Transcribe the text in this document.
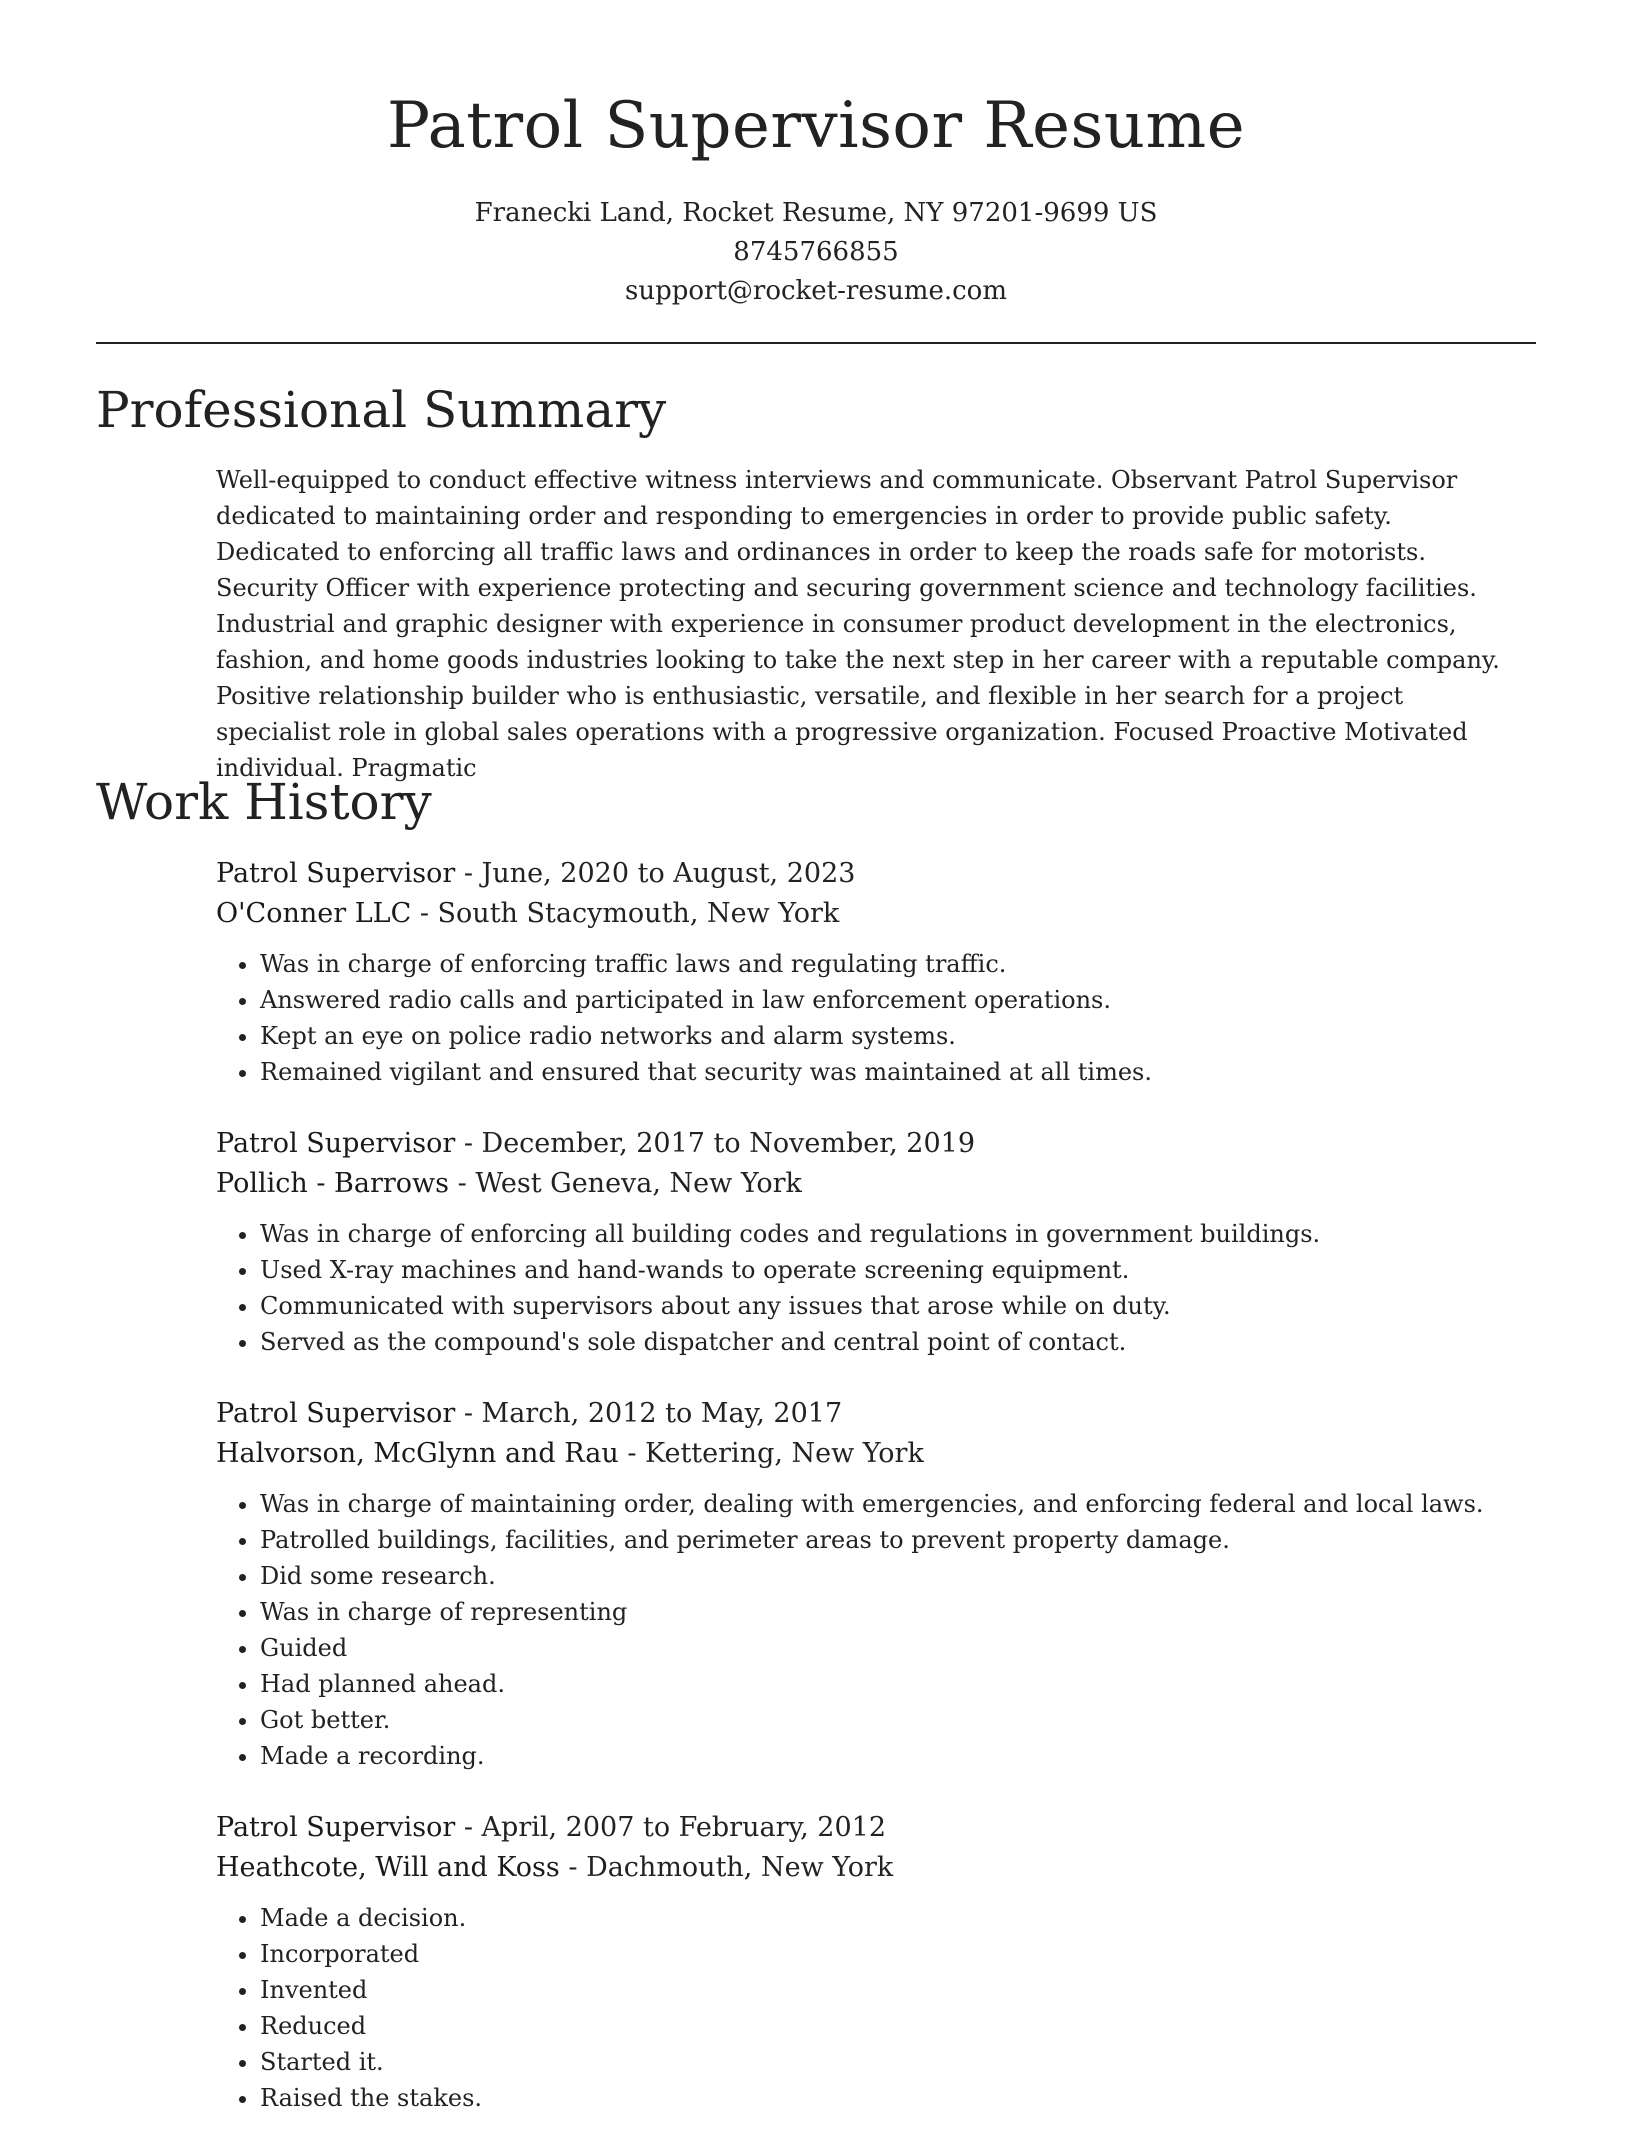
Patrol Supervisor Resume
Franecki Land, Rocket Resume, NY 97201-9699 US
8745766855
support@rocket-resume.com
Professional Summary

Well-equipped to conduct effective witness interviews and communicate. Observant Patrol Supervisor dedicated to maintaining order and responding to emergencies in order to provide public safety. Dedicated to enforcing all traffic laws and ordinances in order to keep the roads safe for motorists. Security Officer with experience protecting and securing government science and technology facilities. Industrial and graphic designer with experience in consumer product development in the electronics, fashion, and home goods industries looking to take the next step in her career with a reputable company. Positive relationship builder who is enthusiastic, versatile, and flexible in her search for a project specialist role in global sales operations with a progressive organization. Focused Proactive Motivated individual. Pragmatic

Work History
Patrol Supervisor - June, 2020 to August, 2023
O'Conner LLC - South Stacymouth, New York
• Was in charge of enforcing traffic laws and regulating traffic.
• Answered radio calls and participated in law enforcement operations.
• Kept an eye on police radio networks and alarm systems.
• Remained vigilant and ensured that security was maintained at all times.
Patrol Supervisor - December, 2017 to November, 2019
Pollich - Barrows - West Geneva, New York
• Was in charge of enforcing all building codes and regulations in government buildings.
• Used X-ray machines and hand-wands to operate screening equipment.
• Communicated with supervisors about any issues that arose while on duty.
• Served as the compound's sole dispatcher and central point of contact.
Patrol Supervisor - March, 2012 to May, 2017
Halvorson, McGlynn and Rau - Kettering, New York
• Was in charge of maintaining order, dealing with emergencies, and enforcing federal and local laws.
• Patrolled buildings, facilities, and perimeter areas to prevent property damage.
• Did some research.
• Was in charge of representing
• Guided
• Had planned ahead.
• Got better.
• Made a recording.
Patrol Supervisor - April, 2007 to February, 2012
Heathcote, Will and Koss - Dachmouth, New York
• Made a decision.
• Incorporated
• Invented
• Reduced
• Started it.
• Raised the stakes.
